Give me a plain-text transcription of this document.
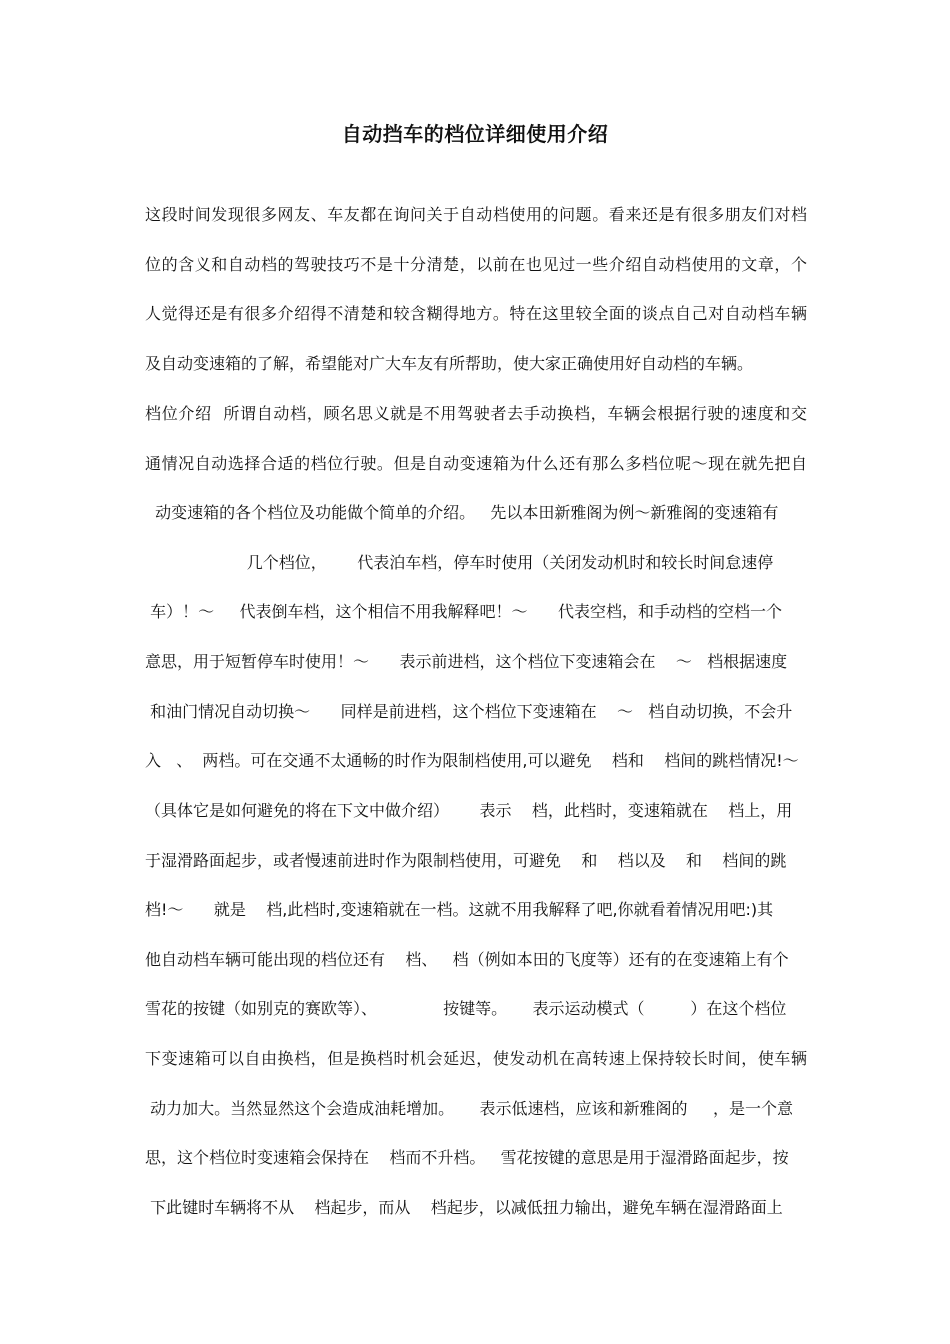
自动挡车的档位详细使用介绍
这段时间发现很多网友、车友都在询问关于自动档使用的问题。看来还是有很多朋友们对档
位的含义和自动档的驾驶技巧不是十分清楚，以前在也见过一些介绍自动档使用的文章，个
人觉得还是有很多介绍得不清楚和较含糊得地方。特在这里较全面的谈点自己对自动档车辆
及自动变速箱的了解，希望能对广大车友有所帮助，使大家正确使用好自动档的车辆。
档位介绍  所谓自动档，顾名思义就是不用驾驶者去手动换档，车辆会根据行驶的速度和交
通情况自动选择合适的档位行驶。但是自动变速箱为什么还有那么多档位呢～现在就先把自
动变速箱的各个档位及功能做个简单的介绍。   先以本田新雅阁为例～新雅阁的变速箱有
几个档位，      代表泊车档，停车时使用（关闭发动机时和较长时间怠速停
车）！～     代表倒车档，这个相信不用我解释吧！～      代表空档，和手动档的空档一个
意思，用于短暂停车时使用！～      表示前进档，这个档位下变速箱会在    ～   档根据速度
和油门情况自动切换～      同样是前进档，这个档位下变速箱在    ～   档自动切换，不会升
入   、  两档。可在交通不太通畅的时作为限制档使用,可以避免    档和    档间的跳档情况!～
（具体它是如何避免的将在下文中做介绍）      表示    档，此档时，变速箱就在    档上，用
于湿滑路面起步，或者慢速前进时作为限制档使用，可避免    和    档以及    和    档间的跳
档!～      就是    档,此档时,变速箱就在一档。这就不用我解释了吧,你就看着情况用吧:)其
他自动档车辆可能出现的档位还有    档、   档（例如本田的飞度等）还有的在变速箱上有个
雪花的按键（如别克的赛欧等）、             按键等。     表示运动模式（         ）在这个档位
下变速箱可以自由换档，但是换档时机会延迟，使发动机在高转速上保持较长时间，使车辆
动力加大。当然显然这个会造成油耗增加。     表示低速档，应该和新雅阁的     ，是一个意
思，这个档位时变速箱会保持在    档而不升档。   雪花按键的意思是用于湿滑路面起步，按
下此键时车辆将不从    档起步，而从    档起步，以减低扭力输出，避免车辆在湿滑路面上
